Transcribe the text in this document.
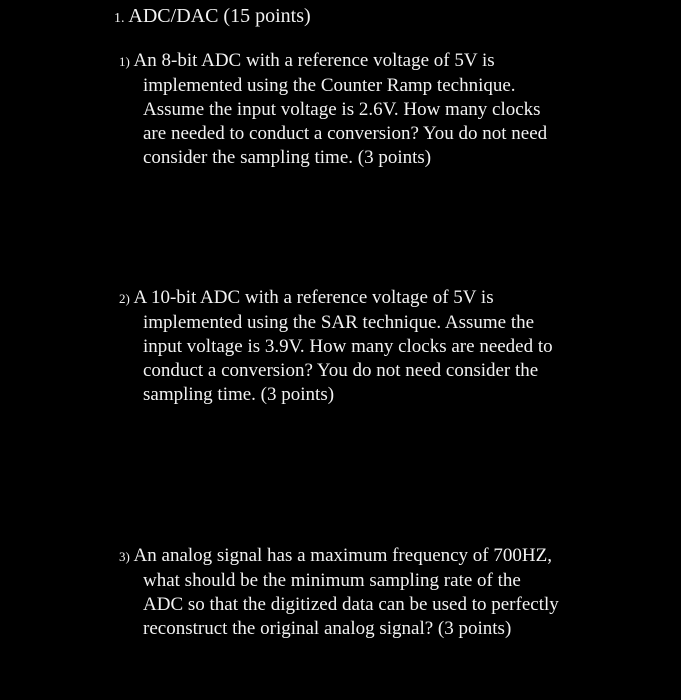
1. ADC/DAC (15 points)
1) An 8-bit ADC with a reference voltage of 5V is
implemented using the Counter Ramp technique.
Assume the input voltage is 2.6V. How many clocks
are needed to conduct a conversion? You do not need
consider the sampling time. (3 points)
2) A 10-bit ADC with a reference voltage of 5V is
implemented using the SAR technique. Assume the
input voltage is 3.9V. How many clocks are needed to
conduct a conversion? You do not need consider the
sampling time. (3 points)
3) An analog signal has a maximum frequency of 700HZ,
what should be the minimum sampling rate of the
ADC so that the digitized data can be used to perfectly
reconstruct the original analog signal? (3 points)
